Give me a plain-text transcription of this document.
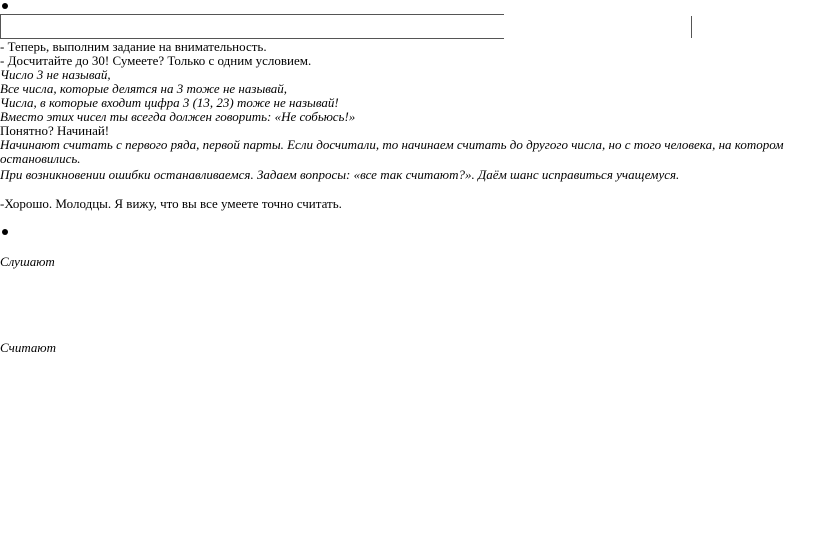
- Теперь, выполним задание на внимательность.
- Досчитайте до 30! Сумеете? Только с одним условием.
Число 3 не называй,
Все числа, которые делятся на 3 тоже не называй,
Числа, в которые входит цифра 3 (13, 23) тоже не называй!
Вместо этих чисел ты всегда должен говорить: «Не собьюсь!»
Понятно? Начинай!
Начинают считать с первого ряда, первой парты. Если досчитали, то начинаем считать до другого числа, но с того человека, на котором остановились.
При возникновении ошибки останавливаемся. Задаем вопросы: «все так считают?». Даём шанс исправиться учащемуся.
-Хорошо. Молодцы. Я вижу, что вы все умеете точно считать.
Слушают
Считают
